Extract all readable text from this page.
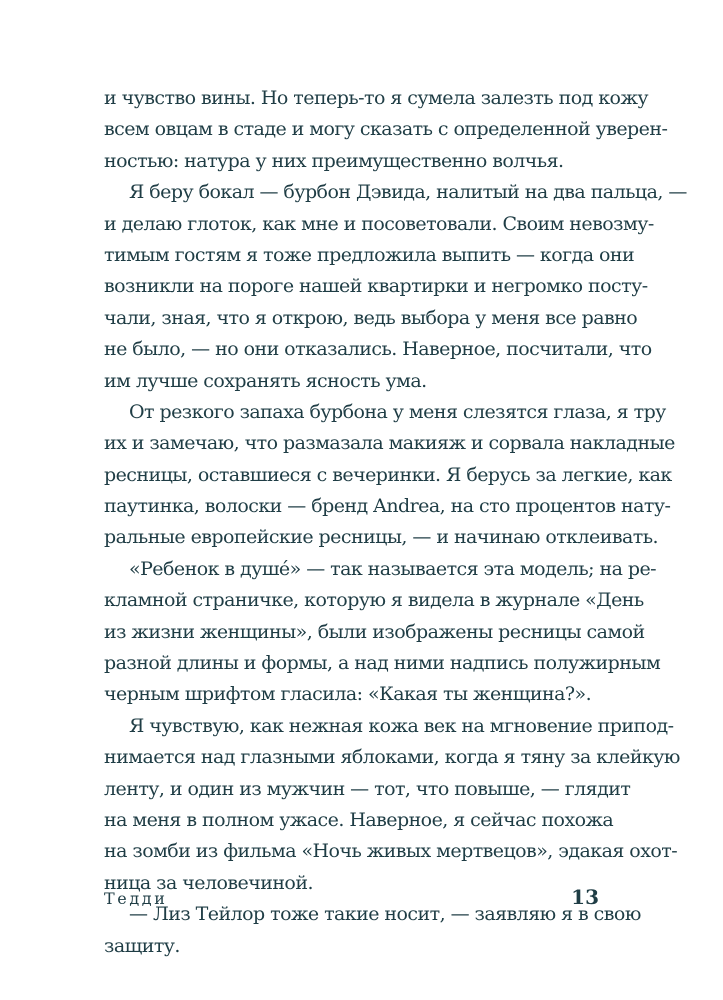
и чувство вины. Но теперь-то я сумела залезть под кожу
всем овцам в стаде и могу сказать с определенной уверен-
ностью: натура у них преимущественно волчья.
Я беру бокал — бурбон Дэвида, налитый на два пальца, —
и делаю глоток, как мне и посоветовали. Своим невозму-
тимым гостям я тоже предложила выпить — когда они
возникли на пороге нашей квартирки и негромко посту-
чали, зная, что я открою, ведь выбора у меня все равно
не было, — но они отказались. Наверное, посчитали, что
им лучше сохранять ясность ума.
От резкого запаха бурбона у меня слезятся глаза, я тру
их и замечаю, что размазала макияж и сорвала накладные
ресницы, оставшиеся с вечеринки. Я берусь за легкие, как
паутинка, волоски — бренд Andrea, на сто процентов нату-
ральные европейские ресницы, — и начинаю отклеивать.
«Ребенок в душе́» — так называется эта модель; на ре-
кламной страничке, которую я видела в журнале «День
из жизни женщины», были изображены ресницы самой
разной длины и формы, а над ними надпись полужирным
черным шрифтом гласила: «Какая ты женщина?».
Я чувствую, как нежная кожа век на мгновение припод-
нимается над глазными яблоками, когда я тяну за клейкую
ленту, и один из мужчин — тот, что повыше, — глядит
на меня в полном ужасе. Наверное, я сейчас похожа
на зомби из фильма «Ночь живых мертвецов», эдакая охот-
ница за человечиной.
— Лиз Тейлор тоже такие носит, — заявляю я в свою
защиту.
Тедди	13
